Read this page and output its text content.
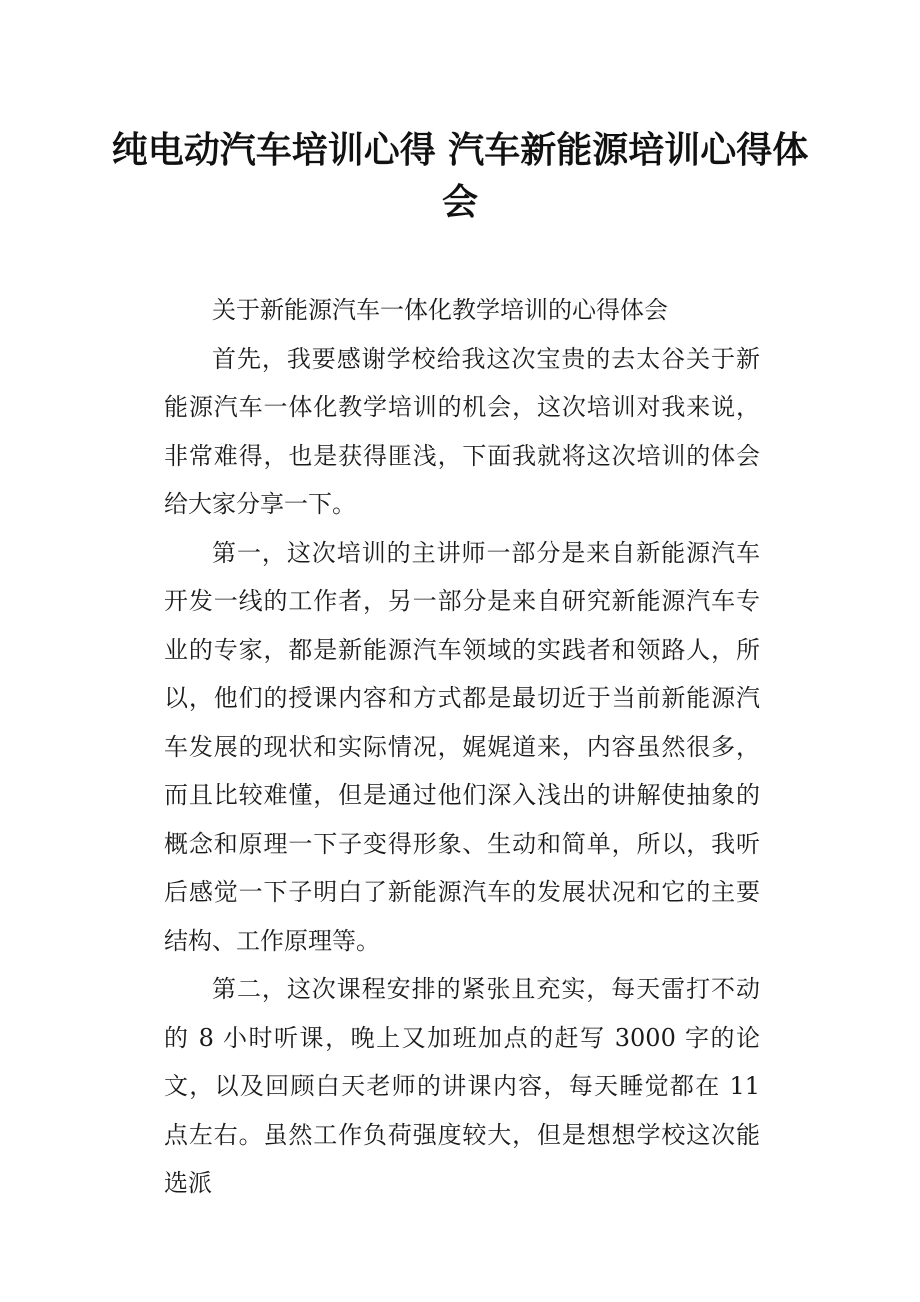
纯电动汽车培训心得 汽车新能源培训心得体会

关于新能源汽车一体化教学培训的心得体会

首先，我要感谢学校给我这次宝贵的去太谷关于新能源汽车一体化教学培训的机会，这次培训对我来说，非常难得，也是获得匪浅，下面我就将这次培训的体会给大家分享一下。

第一，这次培训的主讲师一部分是来自新能源汽车开发一线的工作者，另一部分是来自研究新能源汽车专业的专家，都是新能源汽车领域的实践者和领路人，所以，他们的授课内容和方式都是最切近于当前新能源汽车发展的现状和实际情况，娓娓道来，内容虽然很多，而且比较难懂，但是通过他们深入浅出的讲解使抽象的概念和原理一下子变得形象、生动和简单，所以，我听后感觉一下子明白了新能源汽车的发展状况和它的主要结构、工作原理等。

第二，这次课程安排的紧张且充实，每天雷打不动的 8 小时听课，晚上又加班加点的赶写 3000 字的论文，以及回顾白天老师的讲课内容，每天睡觉都在 11 点左右。虽然工作负荷强度较大，但是想想学校这次能选派
